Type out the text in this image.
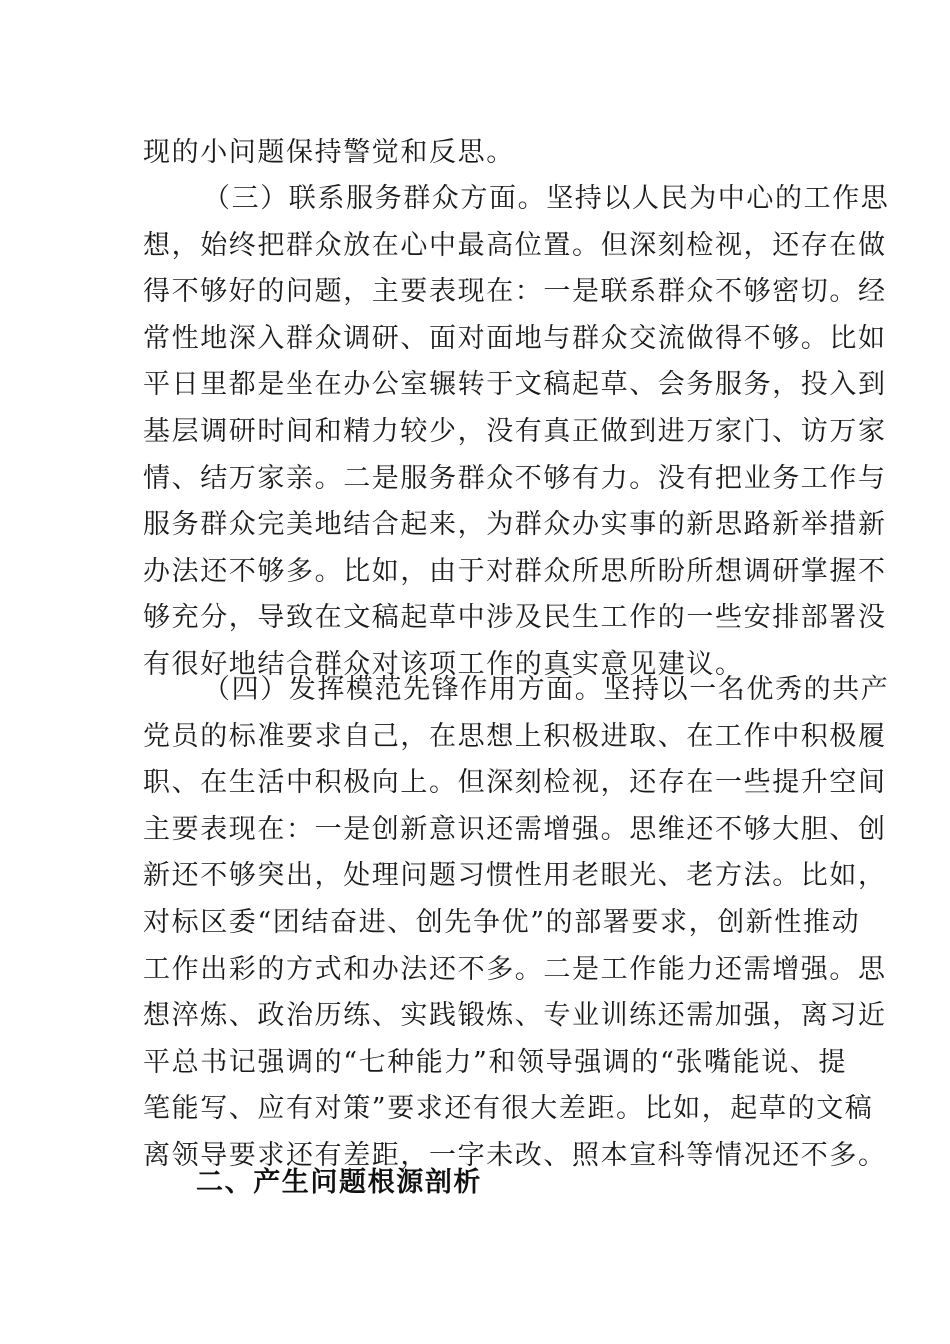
现的小问题保持警觉和反思。
（三）联系服务群众方面。坚持以人民为中心的工作思
想，始终把群众放在心中最高位置。但深刻检视，还存在做
得不够好的问题，主要表现在：一是联系群众不够密切。经
常性地深入群众调研、面对面地与群众交流做得不够。比如
平日里都是坐在办公室辗转于文稿起草、会务服务，投入到
基层调研时间和精力较少，没有真正做到进万家门、访万家
情、结万家亲。二是服务群众不够有力。没有把业务工作与
服务群众完美地结合起来，为群众办实事的新思路新举措新
办法还不够多。比如，由于对群众所思所盼所想调研掌握不
够充分，导致在文稿起草中涉及民生工作的一些安排部署没
有很好地结合群众对该项工作的真实意见建议。
（四）发挥模范先锋作用方面。坚持以一名优秀的共产
党员的标准要求自己，在思想上积极进取、在工作中积极履
职、在生活中积极向上。但深刻检视，还存在一些提升空间
主要表现在：一是创新意识还需增强。思维还不够大胆、创
新还不够突出，处理问题习惯性用老眼光、老方法。比如，
对标区委“团结奋进、创先争优”的部署要求，创新性推动
工作出彩的方式和办法还不多。二是工作能力还需增强。思
想淬炼、政治历练、实践锻炼、专业训练还需加强，离习近
平总书记强调的“七种能力”和领导强调的“张嘴能说、提
笔能写、应有对策”要求还有很大差距。比如，起草的文稿
离领导要求还有差距，一字未改、照本宣科等情况还不多。
二、产生问题根源剖析
